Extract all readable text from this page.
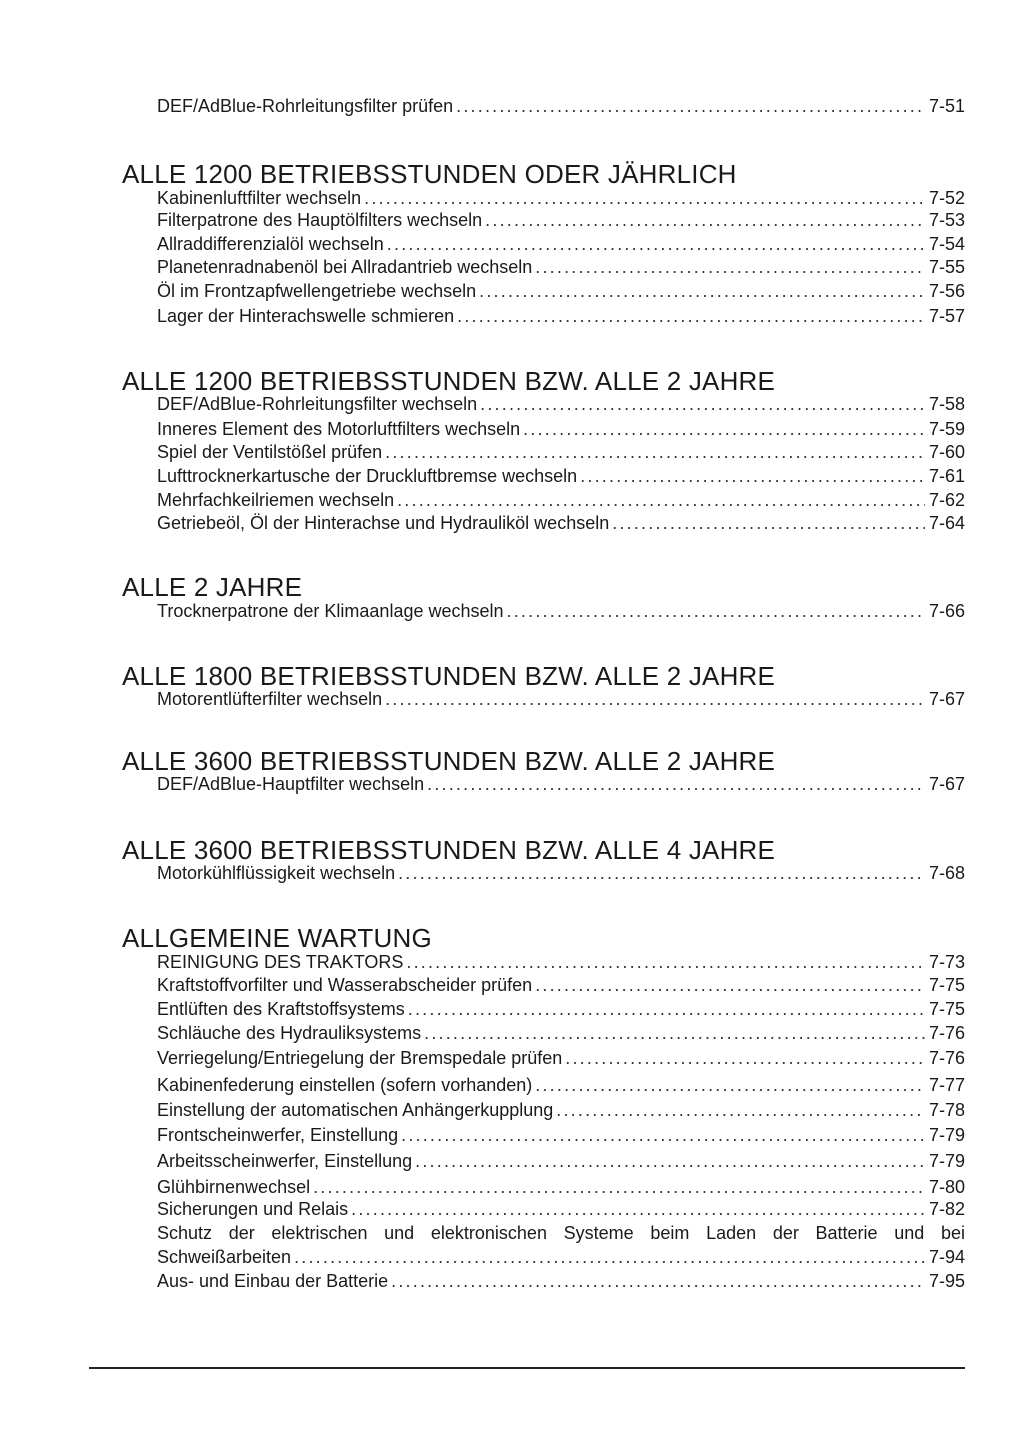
DEF/AdBlue-Rohrleitungsfilter prüfen .....	7-51
ALLE 1200 BETRIEBSSTUNDEN ODER JÄHRLICH
Kabinenluftfilter wechseln .....	7-52
Filterpatrone des Hauptölfilters wechseln .....	7-53
Allraddifferenzialöl wechseln .....	7-54
Planetenradnabenöl bei Allradantrieb wechseln .....	7-55
Öl im Frontzapfwellengetriebe wechseln .....	7-56
Lager der Hinterachswelle schmieren .....	7-57
ALLE 1200 BETRIEBSSTUNDEN BZW. ALLE 2 JAHRE
DEF/AdBlue-Rohrleitungsfilter wechseln .....	7-58
Inneres Element des Motorluftfilters wechseln .....	7-59
Spiel der Ventilstößel prüfen .....	7-60
Lufttrocknerkartusche der Druckluftbremse wechseln .....	7-61
Mehrfachkeilriemen wechseln .....	7-62
Getriebeöl, Öl der Hinterachse und Hydrauliköl wechseln .....	7-64
ALLE 2 JAHRE
Trocknerpatrone der Klimaanlage wechseln .....	7-66
ALLE 1800 BETRIEBSSTUNDEN BZW. ALLE 2 JAHRE
Motorentlüfterfilter wechseln .....	7-67
ALLE 3600 BETRIEBSSTUNDEN BZW. ALLE 2 JAHRE
DEF/AdBlue-Hauptfilter wechseln .....	7-67
ALLE 3600 BETRIEBSSTUNDEN BZW. ALLE 4 JAHRE
Motorkühlflüssigkeit wechseln .....	7-68
ALLGEMEINE WARTUNG
REINIGUNG DES TRAKTORS .....	7-73
Kraftstoffvorfilter und Wasserabscheider prüfen .....	7-75
Entlüften des Kraftstoffsystems .....	7-75
Schläuche des Hydrauliksystems .....	7-76
Verriegelung/Entriegelung der Bremspedale prüfen .....	7-76
Kabinenfederung einstellen (sofern vorhanden) .....	7-77
Einstellung der automatischen Anhängerkupplung .....	7-78
Frontscheinwerfer, Einstellung .....	7-79
Arbeitsscheinwerfer, Einstellung .....	7-79
Glühbirnenwechsel .....	7-80
Sicherungen und Relais .....	7-82
Schutz der elektrischen und elektronischen Systeme beim Laden der Batterie und bei
Schweißarbeiten .....	7-94
Aus- und Einbau der Batterie .....	7-95
